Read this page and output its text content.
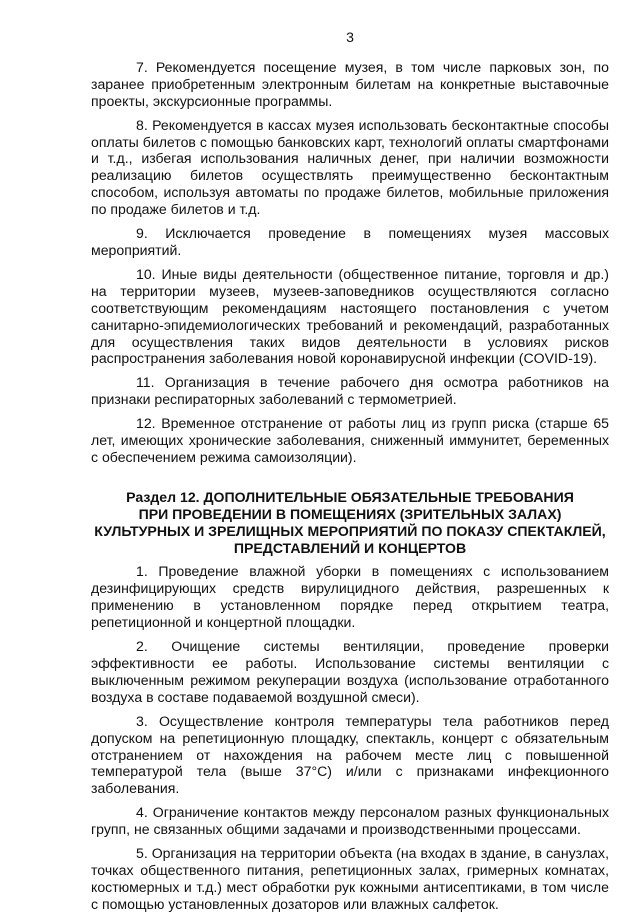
3

7. Рекомендуется посещение музея, в том числе парковых зон, по заранее приобретенным электронным билетам на конкретные выставочные проекты, экскурсионные программы.

8. Рекомендуется в кассах музея использовать бесконтактные способы оплаты билетов с помощью банковских карт, технологий оплаты смартфонами и т.д., избегая использования наличных денег, при наличии возможности реализацию билетов осуществлять преимущественно бесконтактным способом, используя автоматы по продаже билетов, мобильные приложения по продаже билетов и т.д.

9. Исключается проведение в помещениях музея массовых мероприятий.

10. Иные виды деятельности (общественное питание, торговля и др.) на территории музеев, музеев-заповедников осуществляются согласно соответствующим рекомендациям настоящего постановления с учетом санитарно-эпидемиологических требований и рекомендаций, разработанных для осуществления таких видов деятельности в условиях рисков распространения заболевания новой коронавирусной инфекции (COVID-19).

11. Организация в течение рабочего дня осмотра работников на признаки респираторных заболеваний с термометрией.

12. Временное отстранение от работы лиц из групп риска (старше 65 лет, имеющих хронические заболевания, сниженный иммунитет, беременных с обеспечением режима самоизоляции).

Раздел 12. ДОПОЛНИТЕЛЬНЫЕ ОБЯЗАТЕЛЬНЫЕ ТРЕБОВАНИЯ
ПРИ ПРОВЕДЕНИИ В ПОМЕЩЕНИЯХ (ЗРИТЕЛЬНЫХ ЗАЛАХ)
КУЛЬТУРНЫХ И ЗРЕЛИЩНЫХ МЕРОПРИЯТИЙ ПО ПОКАЗУ СПЕКТАКЛЕЙ,
ПРЕДСТАВЛЕНИЙ И КОНЦЕРТОВ

1. Проведение влажной уборки в помещениях с использованием дезинфицирующих средств вирулицидного действия, разрешенных к применению в установленном порядке перед открытием театра, репетиционной и концертной площадки.

2. Очищение системы вентиляции, проведение проверки эффективности ее работы. Использование системы вентиляции с выключенным режимом рекуперации воздуха (использование отработанного воздуха в составе подаваемой воздушной смеси).

3. Осуществление контроля температуры тела работников перед допуском на репетиционную площадку, спектакль, концерт с обязательным отстранением от нахождения на рабочем месте лиц с повышенной температурой тела (выше 37°C) и/или с признаками инфекционного заболевания.

4. Ограничение контактов между персоналом разных функциональных групп, не связанных общими задачами и производственными процессами.

5. Организация на территории объекта (на входах в здание, в санузлах, точках общественного питания, репетиционных залах, гримерных комнатах, костюмерных и т.д.) мест обработки рук кожными антисептиками, в том числе с помощью установленных дозаторов или влажных салфеток.
